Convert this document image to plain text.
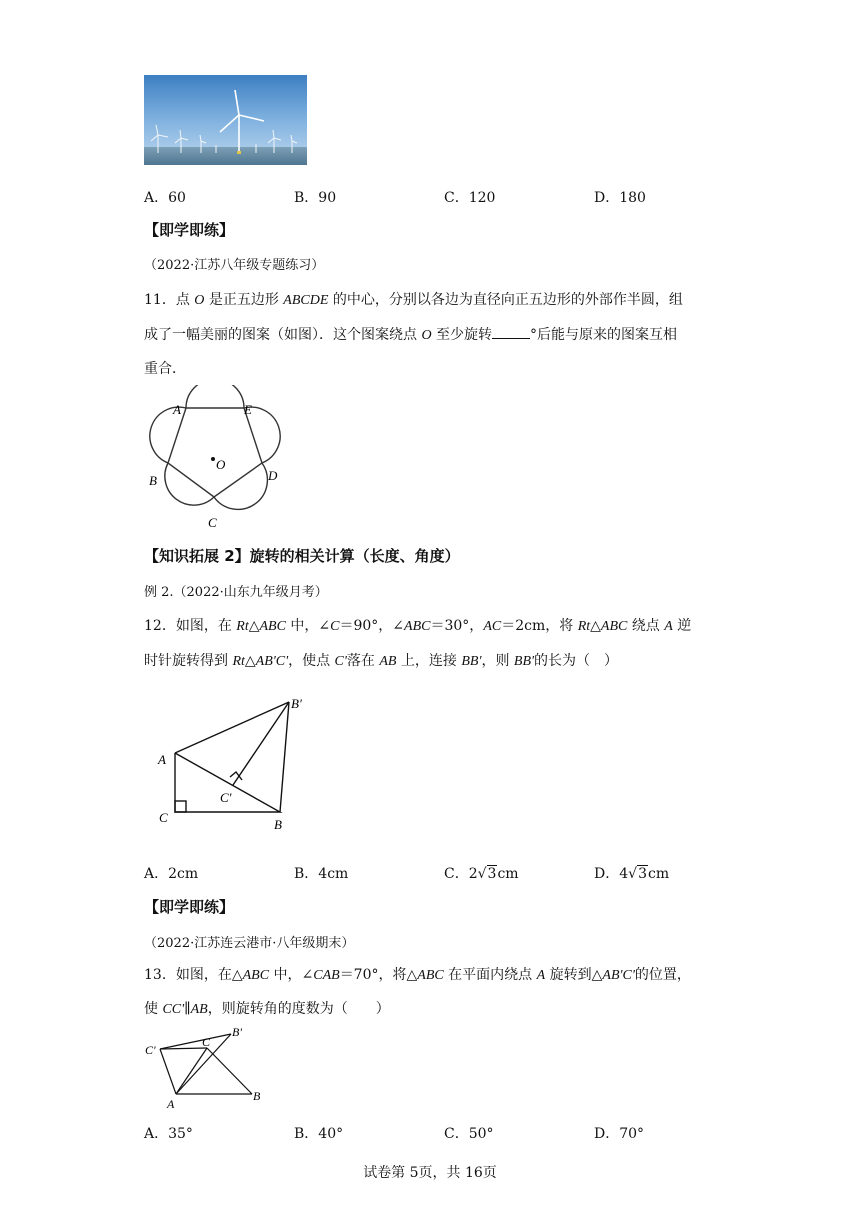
A．60	B．90	C．120	D．180
【即学即练】
（2022·江苏八年级专题练习）
11．点 O 是正五边形 ABCDE 的中心，分别以各边为直径向正五边形的外部作半圆，组
成了一幅美丽的图案（如图）．这个图案绕点 O 至少旋转	°后能与原来的图案互相
重合．
A	E
B	D
C
O
【知识拓展 2】旋转的相关计算（长度、角度）
例 2.（2022·山东九年级月考）
12．如图，在 Rt△ABC 中，∠C＝90°，∠ABC＝30°，AC＝2cm，将 Rt△ABC 绕点 A 逆
时针旋转得到 Rt△AB'C'，使点 C'落在 AB 上，连接 BB'，则 BB'的长为（　）
B'
A
C'
C	B
A．2cm	B．4cm	C．2√3cm	D．4√3cm
【即学即练】
（2022·江苏连云港市·八年级期末）
13．如图，在△ABC 中，∠CAB＝70°，将△ABC 在平面内绕点 A 旋转到△AB'C'的位置，
使 CC'∥AB，则旋转角的度数为（　　）
C'
C
B'
A
B
A．35°	B．40°	C．50°	D．70°
试卷第 5页，共 16页
